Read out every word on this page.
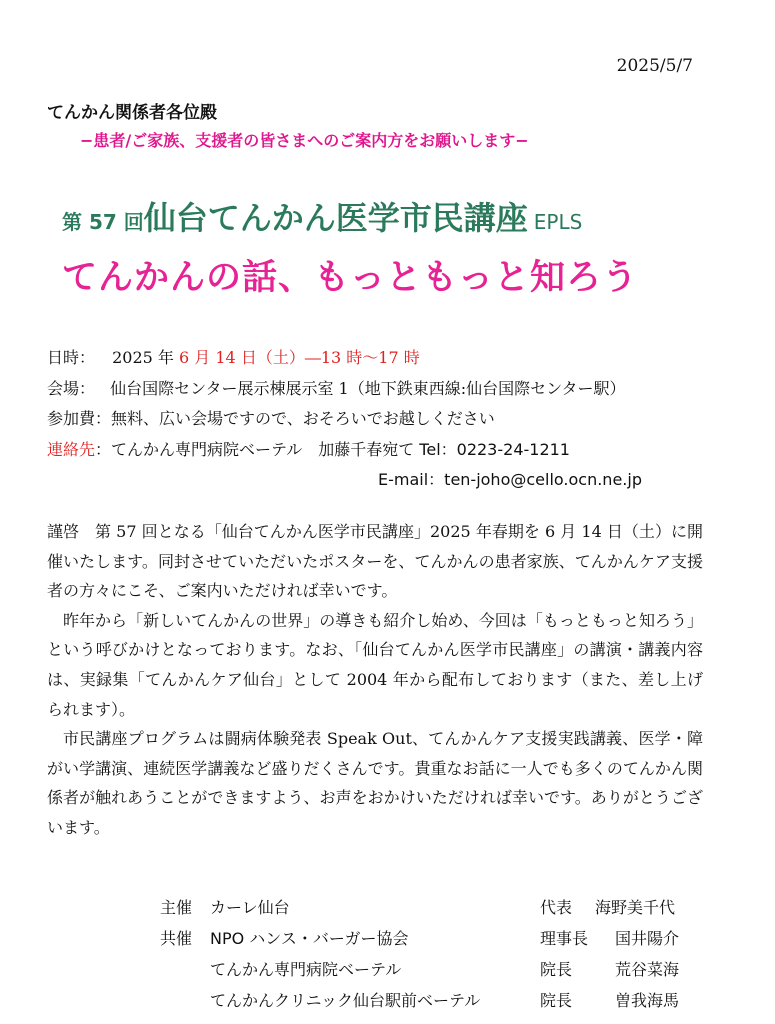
2025/5/7
てんかん関係者各位殿
−患者/ご家族、支援者の皆さまへのご案内方をお願いします−
第 57 回仙台てんかん医学市民講座 EPLS
てんかんの話、もっともっと知ろう
日時： 2025 年 6 月 14 日（土）―13 時～17 時
会場： 仙台国際センター展示棟展示室 1（地下鉄東西線:仙台国際センター駅）
参加費：無料、広い会場ですので、おそろいでお越しください
連絡先：てんかん専門病院ベーテル　加藤千春宛て Tel：0223-24-1211
E-mail：ten-joho@cello.ocn.ne.jp

謹啓　第 57 回となる「仙台てんかん医学市民講座」2025 年春期を 6 月 14 日（土）に開催いたします。同封させていただいたポスターを、てんかんの患者家族、てんかんケア支援者の方々にこそ、ご案内いただければ幸いです。

昨年から「新しいてんかんの世界」の導きも紹介し始め、今回は「もっともっと知ろう」という呼びかけとなっております。なお、「仙台てんかん医学市民講座」の講演・講義内容は、実録集「てんかんケア仙台」として 2004 年から配布しております（また、差し上げられます）。

市民講座プログラムは闘病体験発表 Speak Out、てんかんケア支援実践講義、医学・障がい学講演、連続医学講義など盛りだくさんです。貴重なお話に一人でも多くのてんかん関係者が触れあうことができますよう、お声をおかけいただければ幸いです。ありがとうございます。

主催 カーレ仙台	代表 海野美千代
共催 NPO ハンス・バーガー協会	理事長 国井陽介
てんかん専門病院ベーテル	院長	荒谷菜海
てんかんクリニック仙台駅前ベーテル	院長	曽我海馬
